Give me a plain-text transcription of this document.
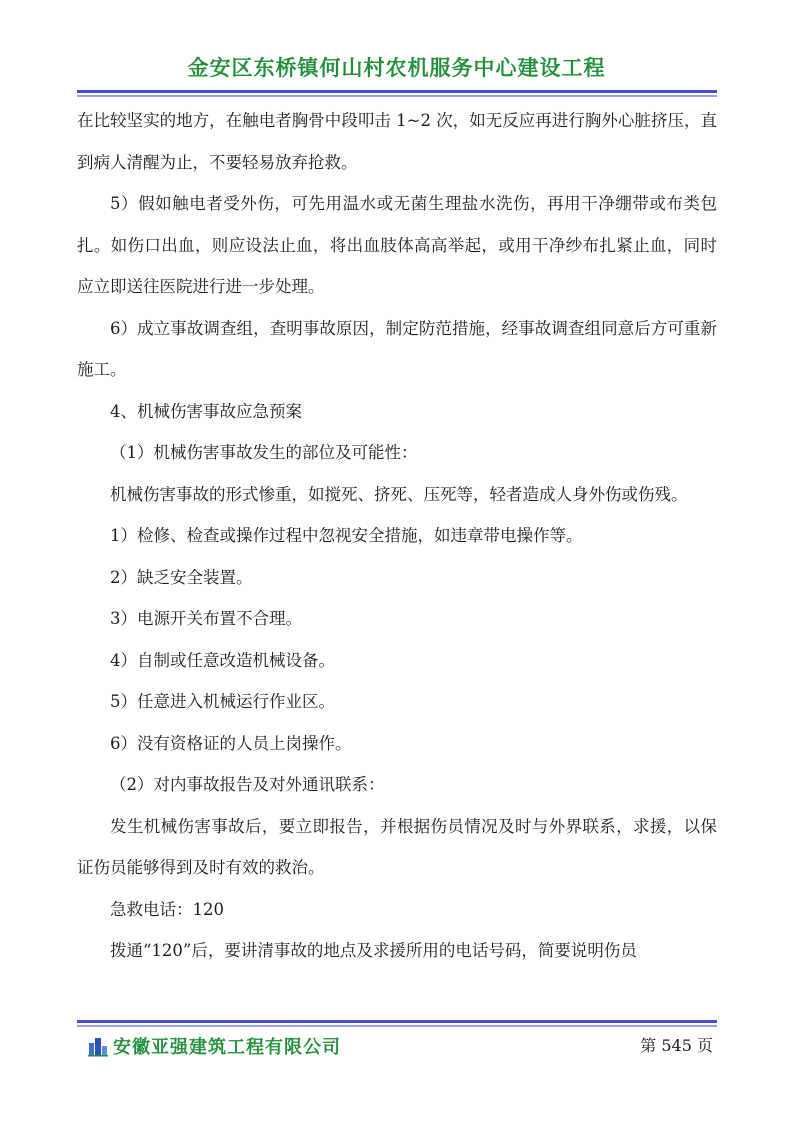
金安区东桥镇何山村农机服务中心建设工程

在比较坚实的地方，在触电者胸骨中段叩击 1~2 次，如无反应再进行胸外心脏挤压，直到病人清醒为止，不要轻易放弃抢救。

5）假如触电者受外伤，可先用温水或无菌生理盐水洗伤，再用干净绷带或布类包扎。如伤口出血，则应设法止血，将出血肢体高高举起，或用干净纱布扎紧止血，同时应立即送往医院进行进一步处理。

6）成立事故调查组，查明事故原因，制定防范措施，经事故调查组同意后方可重新施工。

4、机械伤害事故应急预案

（1）机械伤害事故发生的部位及可能性：

机械伤害事故的形式惨重，如搅死、挤死、压死等，轻者造成人身外伤或伤残。

1）检修、检查或操作过程中忽视安全措施，如违章带电操作等。

2）缺乏安全装置。

3）电源开关布置不合理。

4）自制或任意改造机械设备。

5）任意进入机械运行作业区。

6）没有资格证的人员上岗操作。

（2）对内事故报告及对外通讯联系：

发生机械伤害事故后，要立即报告，并根据伤员情况及时与外界联系，求援，以保证伤员能够得到及时有效的救治。

急救电话：120

拨通“120”后，要讲清事故的地点及求援所用的电话号码，简要说明伤员

安徽亚强建筑工程有限公司	第 545 页
